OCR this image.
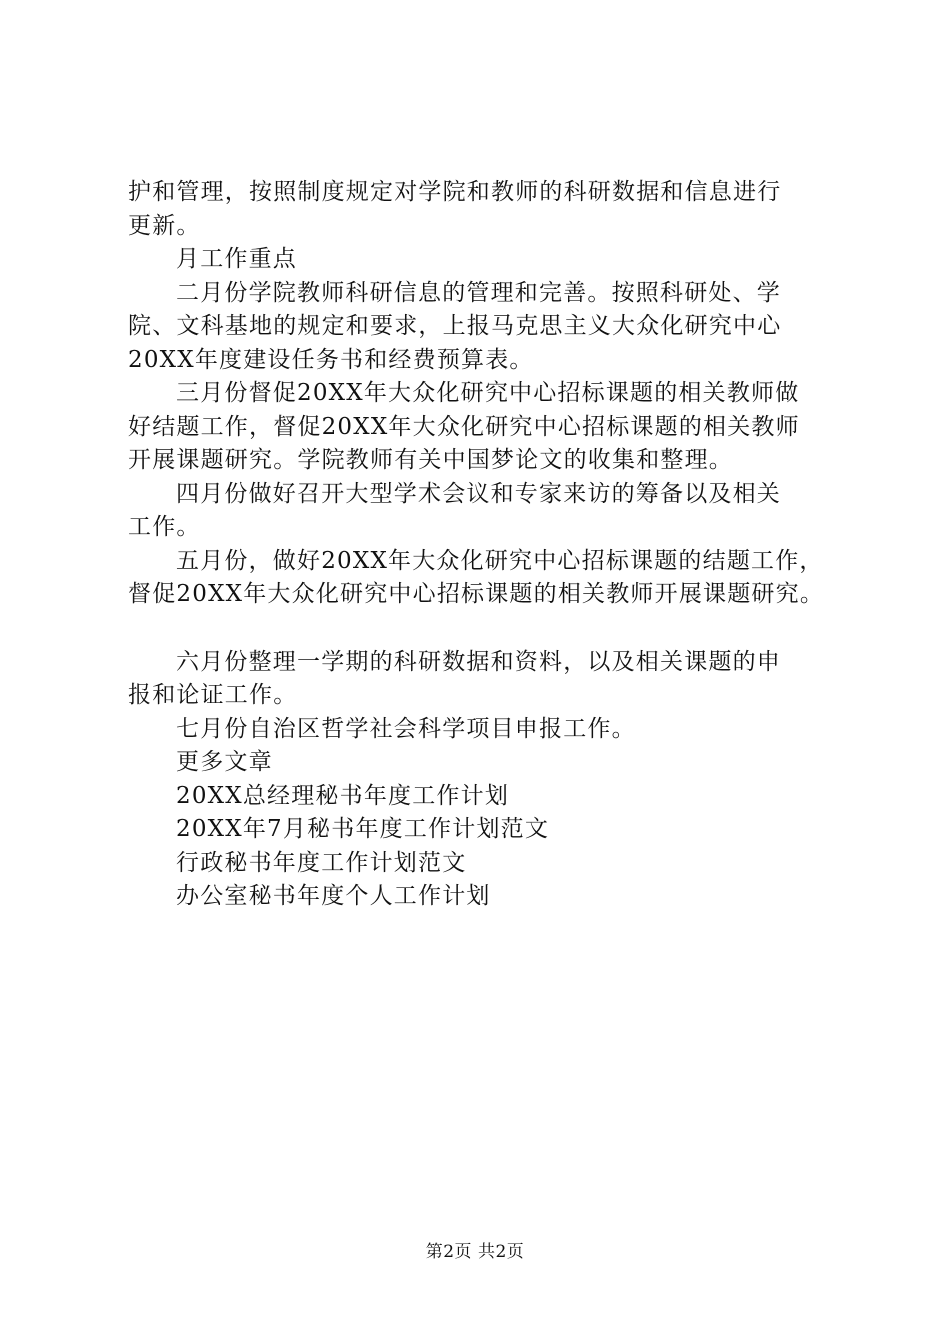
护和管理，按照制度规定对学院和教师的科研数据和信息进行

更新。

月工作重点

二月份学院教师科研信息的管理和完善。按照科研处、学

院、文科基地的规定和要求，上报马克思主义大众化研究中心

20XX年度建设任务书和经费预算表。

三月份督促20XX年大众化研究中心招标课题的相关教师做

好结题工作，督促20XX年大众化研究中心招标课题的相关教师

开展课题研究。学院教师有关中国梦论文的收集和整理。

四月份做好召开大型学术会议和专家来访的筹备以及相关

工作。

五月份，做好20XX年大众化研究中心招标课题的结题工作，

督促20XX年大众化研究中心招标课题的相关教师开展课题研究。

六月份整理一学期的科研数据和资料，以及相关课题的申

报和论证工作。

七月份自治区哲学社会科学项目申报工作。

更多文章

20XX总经理秘书年度工作计划

20XX年7月秘书年度工作计划范文

行政秘书年度工作计划范文

办公室秘书年度个人工作计划

第2页 共2页
